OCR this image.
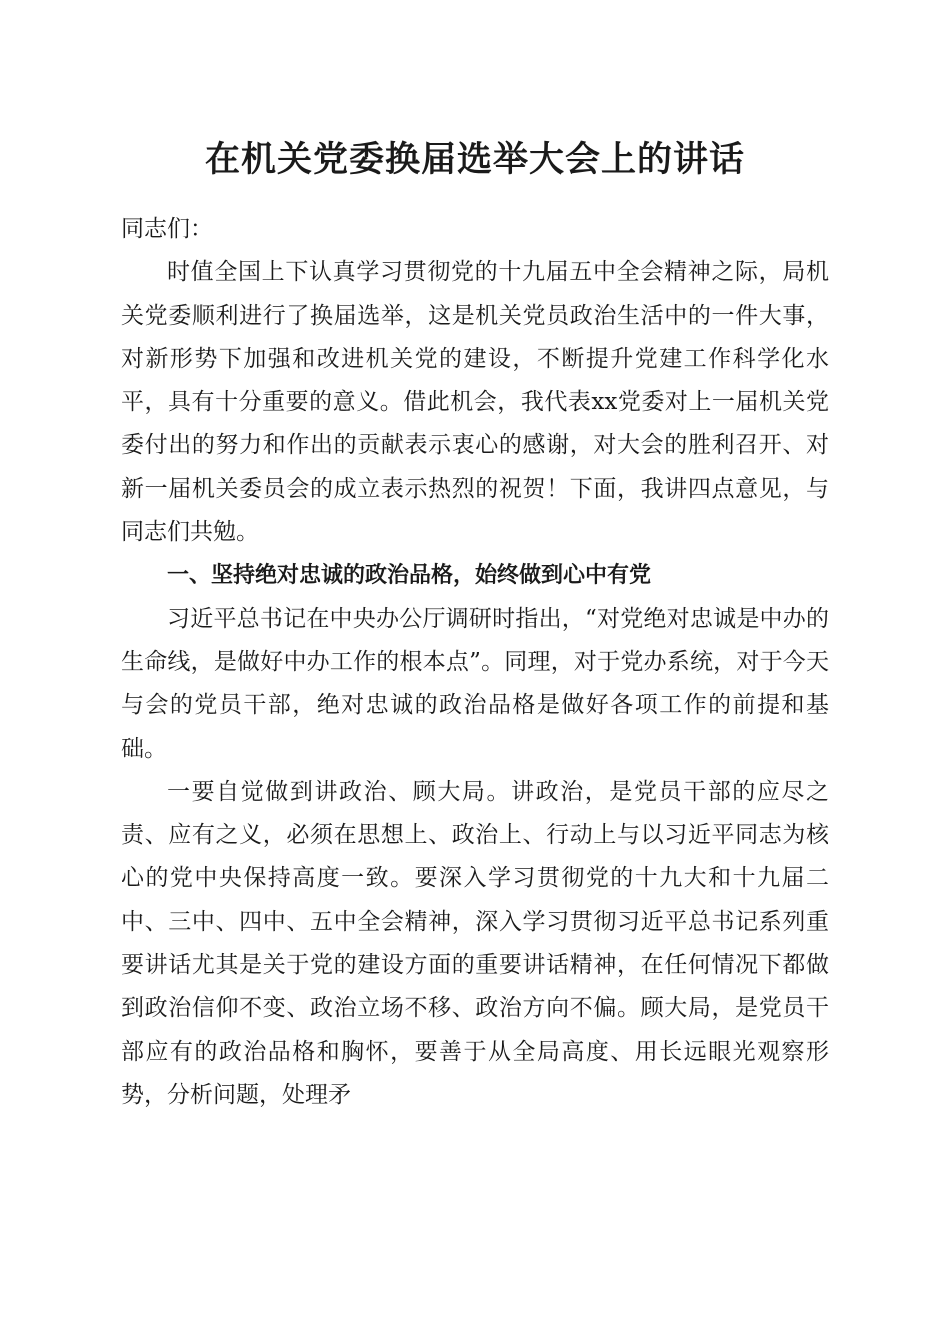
在机关党委换届选举大会上的讲话

同志们：

时值全国上下认真学习贯彻党的十九届五中全会精神之际，局机关党委顺利进行了换届选举，这是机关党员政治生活中的一件大事，对新形势下加强和改进机关党的建设，不断提升党建工作科学化水平，具有十分重要的意义。借此机会，我代表xx党委对上一届机关党委付出的努力和作出的贡献表示衷心的感谢，对大会的胜利召开、对新一届机关委员会的成立表示热烈的祝贺！下面，我讲四点意见，与同志们共勉。

一、坚持绝对忠诚的政治品格，始终做到心中有党

习近平总书记在中央办公厅调研时指出，“对党绝对忠诚是中办的生命线，是做好中办工作的根本点”。同理，对于党办系统，对于今天与会的党员干部，绝对忠诚的政治品格是做好各项工作的前提和基础。

一要自觉做到讲政治、顾大局。讲政治，是党员干部的应尽之责、应有之义，必须在思想上、政治上、行动上与以习近平同志为核心的党中央保持高度一致。要深入学习贯彻党的十九大和十九届二中、三中、四中、五中全会精神，深入学习贯彻习近平总书记系列重要讲话尤其是关于党的建设方面的重要讲话精神，在任何情况下都做到政治信仰不变、政治立场不移、政治方向不偏。顾大局，是党员干部应有的政治品格和胸怀，要善于从全局高度、用长远眼光观察形势，分析问题，处理矛
